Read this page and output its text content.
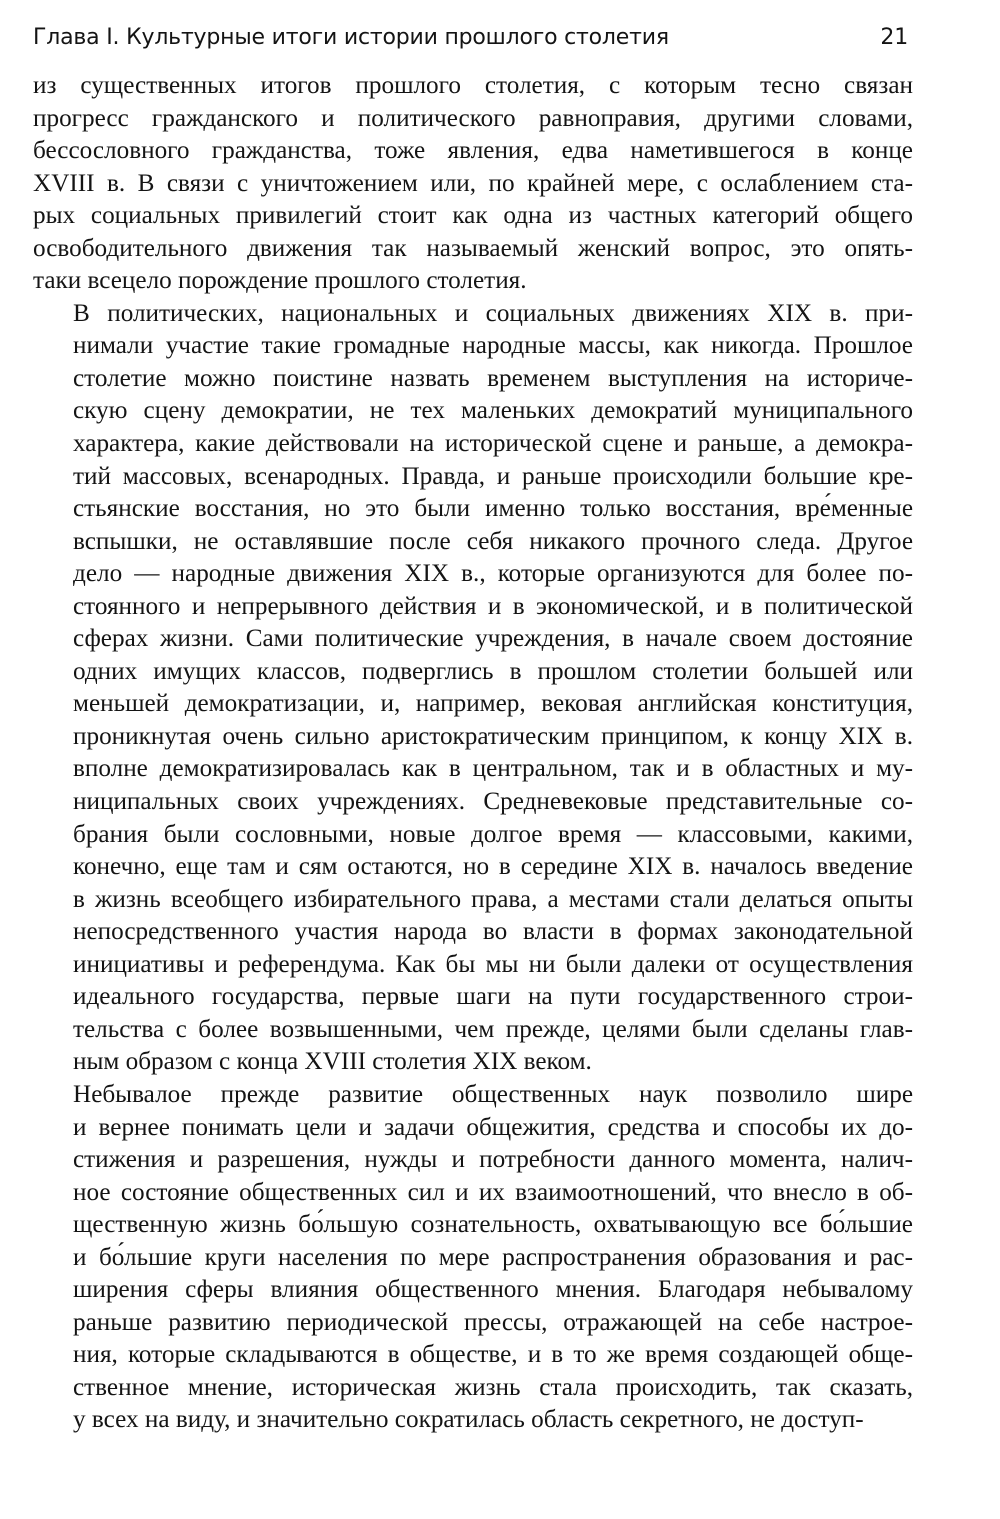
Глава I. Культурные итоги истории прошлого столетия	21

из существенных итогов прошлого столетия, с которым тесно связан
прогресс гражданского и политического равноправия, другими словами,
бессословного гражданства, тоже явления, едва наметившегося в конце
XVIII в. В связи с уничтожением или, по крайней мере, с ослаблением ста-
рых социальных привилегий стоит как одна из частных категорий общего
освободительного движения так называемый женский вопрос, это опять-
таки всецело порождение прошлого столетия.

В политических, национальных и социальных движениях XIX в. при-
нимали участие такие громадные народные массы, как никогда. Прошлое
столетие можно поистине назвать временем выступления на историче-
скую сцену демократии, не тех маленьких демократий муниципального
характера, какие действовали на исторической сцене и раньше, а демокра-
тий массовых, всенародных. Правда, и раньше происходили большие кре-
стьянские восстания, но это были именно только восстания, вре́менные
вспышки, не оставлявшие после себя никакого прочного следа. Другое
дело — народные движения XIX в., которые организуются для более по-
стоянного и непрерывного действия и в экономической, и в политической
сферах жизни. Сами политические учреждения, в начале своем достояние
одних имущих классов, подверглись в прошлом столетии большей или
меньшей демократизации, и, например, вековая английская конституция,
проникнутая очень сильно аристократическим принципом, к концу XIX в.
вполне демократизировалась как в центральном, так и в областных и му-
ниципальных своих учреждениях. Средневековые представительные со-
брания были сословными, новые долгое время — классовыми, какими,
конечно, еще там и сям остаются, но в середине XIX в. началось введение
в жизнь всеобщего избирательного права, а местами стали делаться опыты
непосредственного участия народа во власти в формах законодательной
инициативы и референдума. Как бы мы ни были далеки от осуществления
идеального государства, первые шаги на пути государственного строи-
тельства с более возвышенными, чем прежде, целями были сделаны глав-
ным образом с конца XVIII столетия XIX веком.

Небывалое прежде развитие общественных наук позволило шире
и вернее понимать цели и задачи общежития, средства и способы их до-
стижения и разрешения, нужды и потребности данного момента, налич-
ное состояние общественных сил и их взаимоотношений, что внесло в об-
щественную жизнь бо́льшую сознательность, охватывающую все бо́льшие
и бо́льшие круги населения по мере распространения образования и рас-
ширения сферы влияния общественного мнения. Благодаря небывалому
раньше развитию периодической прессы, отражающей на себе настрое-
ния, которые складываются в обществе, и в то же время создающей обще-
ственное мнение, историческая жизнь стала происходить, так сказать,
у всех на виду, и значительно сократилась область секретного, не доступ-
